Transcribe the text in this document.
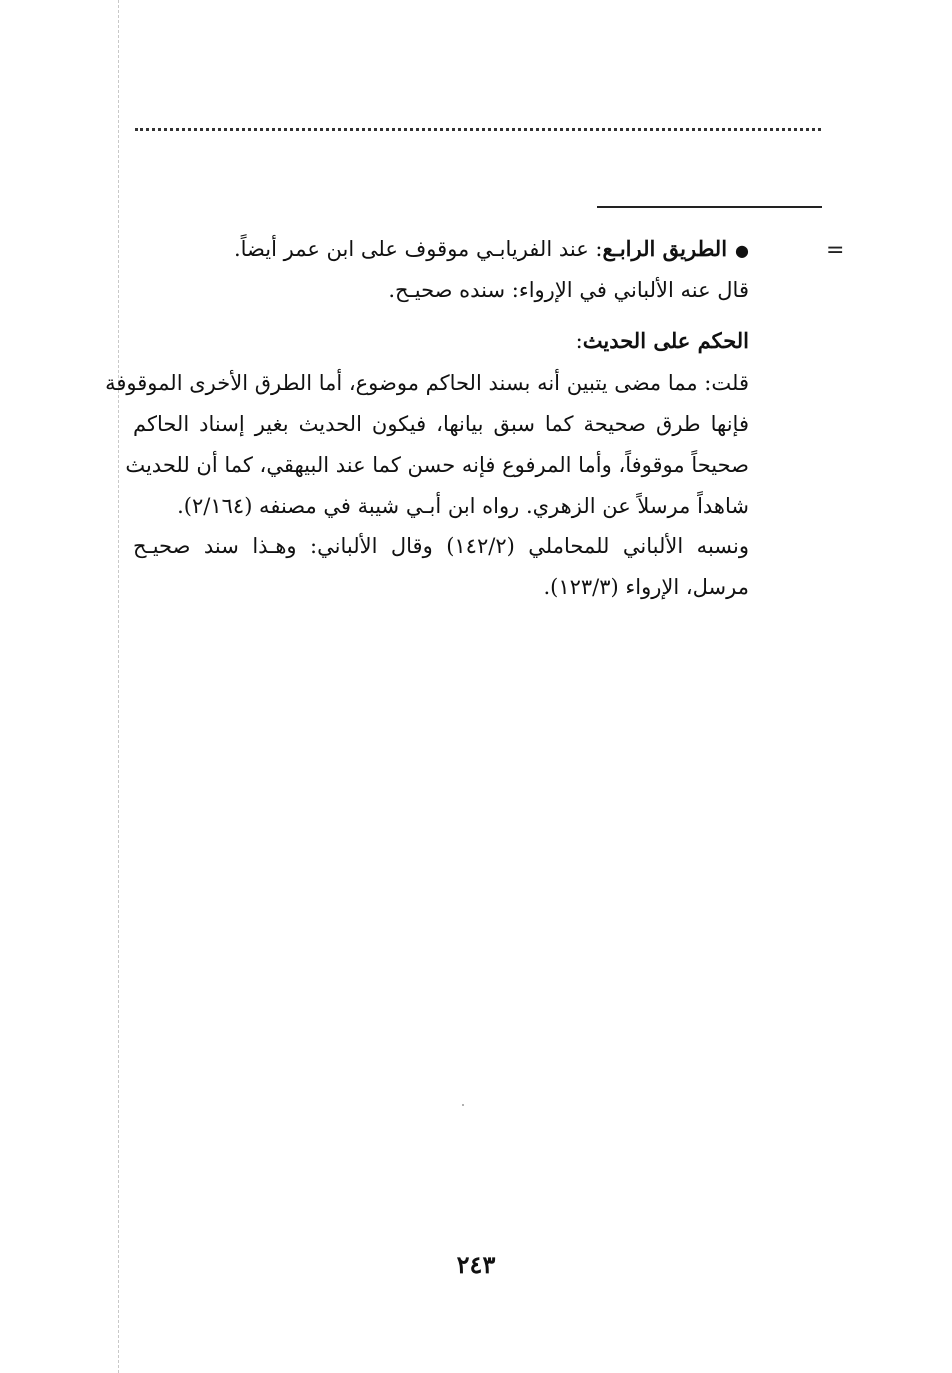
=
●الطريق الرابـع: عند الفريابـي موقوف على ابن عمر أيضاً.
قال عنه الألباني في الإرواء: سنده صحيـح.
الحكم على الحديث:
قلت: مما مضى يتبين أنه بسند الحاكم موضوع، أما الطرق الأخرى الموقوفة
فإنها طرق صحيحة كما سبق بيانها، فيكون الحديث بغير إسناد الحاكم
صحيحاً موقوفاً، وأما المرفوع فإنه حسن كما عند البيهقي، كما أن للحديث
شاهداً مرسلاً عن الزهري. رواه ابن أبـي شيبة في مصنفه (٢/١٦٤).
ونسبه الألباني للمحاملي (١٤٢/٢) وقال الألباني: وهـذا سند صحيـح
مرسل، الإرواء (١٢٣/٣).
٢٤٣
